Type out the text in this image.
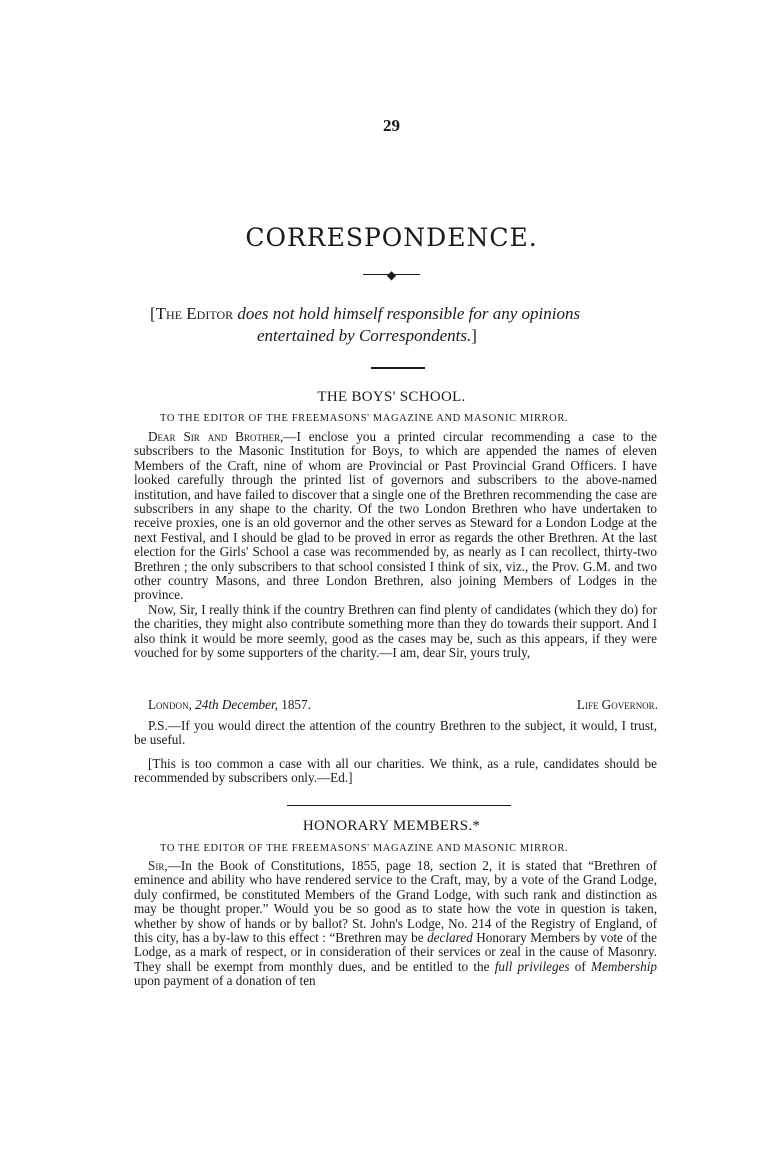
29
CORRESPONDENCE.
◆
[The Editor does not hold himself responsible for any opinions
entertained by Correspondents.]
THE BOYS' SCHOOL.
TO THE EDITOR OF THE FREEMASONS' MAGAZINE AND MASONIC MIRROR.

Dear Sir and Brother,—I enclose you a printed circular recommending a case to the subscribers to the Masonic Institution for Boys, to which are appended the names of eleven Members of the Craft, nine of whom are Provincial or Past Provincial Grand Officers. I have looked carefully through the printed list of governors and subscribers to the above-named institution, and have failed to discover that a single one of the Brethren recommending the case are subscribers in any shape to the charity. Of the two London Brethren who have undertaken to receive proxies, one is an old governor and the other serves as Steward for a London Lodge at the next Festival, and I should be glad to be proved in error as regards the other Brethren. At the last election for the Girls' School a case was recommended by, as nearly as I can recollect, thirty-two Brethren ; the only subscribers to that school consisted I think of six, viz., the Prov. G.M. and two other country Masons, and three London Brethren, also joining Members of Lodges in the province.

Now, Sir, I really think if the country Brethren can find plenty of candidates (which they do) for the charities, they might also contribute something more than they do towards their support. And I also think it would be more seemly, good as the cases may be, such as this appears, if they were vouched for by some supporters of the charity.—I am, dear Sir, yours truly,

London, 24th December, 1857.	Life Governor.

P.S.—If you would direct the attention of the country Brethren to the subject, it would, I trust, be useful.

[This is too common a case with all our charities. We think, as a rule, candidates should be recommended by subscribers only.—Ed.]

HONORARY MEMBERS.*
TO THE EDITOR OF THE FREEMASONS' MAGAZINE AND MASONIC MIRROR.

Sir,—In the Book of Constitutions, 1855, page 18, section 2, it is stated that “Brethren of eminence and ability who have rendered service to the Craft, may, by a vote of the Grand Lodge, duly confirmed, be constituted Members of the Grand Lodge, with such rank and distinction as may be thought proper.” Would you be so good as to state how the vote in question is taken, whether by show of hands or by ballot? St. John's Lodge, No. 214 of the Registry of England, of this city, has a by-law to this effect : “Brethren may be declared Honorary Members by vote of the Lodge, as a mark of respect, or in consideration of their services or zeal in the cause of Masonry. They shall be exempt from monthly dues, and be entitled to the full privileges of Membership upon payment of a donation of ten
